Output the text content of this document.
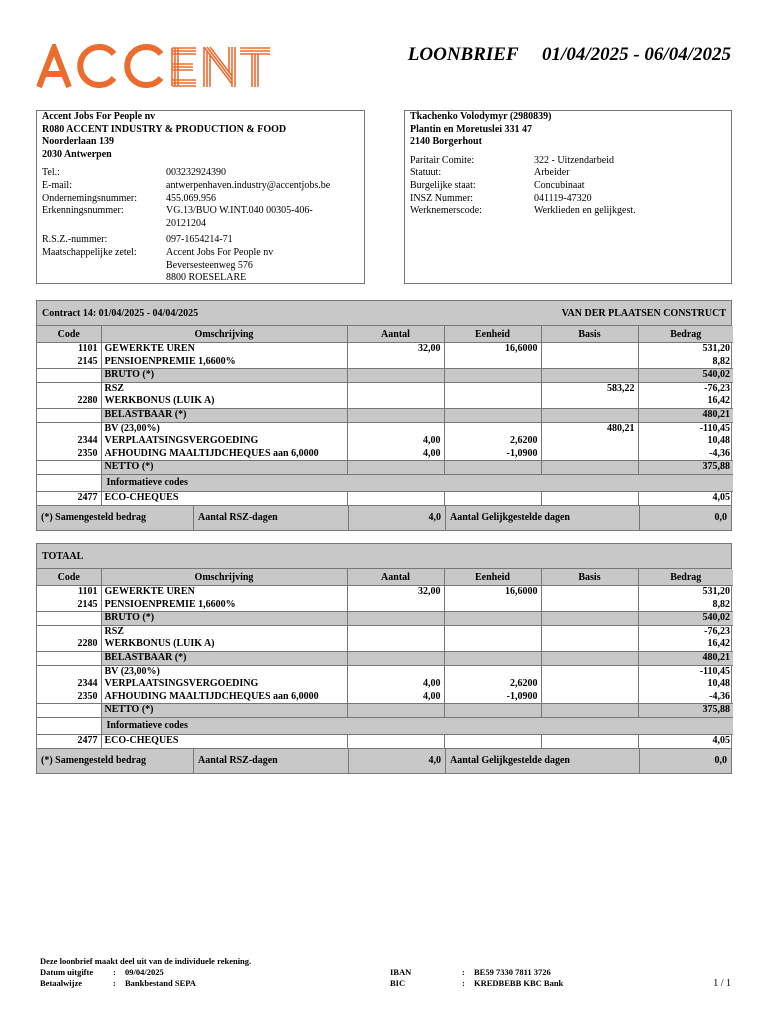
LOONBRIEF 01/04/2025 - 06/04/2025
Accent Jobs For People nv
R080 ACCENT INDUSTRY & PRODUCTION & FOOD
Noorderlaan 139
2030 Antwerpen
Tel.:	003232924390
E-mail:	antwerpenhaven.industry@accentjobs.be
Ondernemingsnummer:	455.069.956
Erkenningsnummer:	VG.13/BUO W.INT.040 00305-406-
20121204
R.S.Z.-nummer:	097-1654214-71
Maatschappelijke zetel:	Accent Jobs For People nv
Beversesteenweg 576
8800 ROESELARE
Tkachenko Volodymyr (2980839)
Plantin en Moretuslei 331 47
2140 Borgerhout
Paritair Comite:	322 - Uitzendarbeid
Statuut:	Arbeider
Burgelijke staat:	Concubinaat
INSZ Nummer:	041119-47320
Werknemerscode:	Werklieden en gelijkgest.
Contract 14: 01/04/2025 - 04/04/2025	VAN DER PLAATSEN CONSTRUCT
Code	Omschrijving	Aantal	Eenheid	Basis	Bedrag
1101	GEWERKTE UREN	32,00	16,6000		531,20
2145	PENSIOENPREMIE 1,6600%				8,82
	BRUTO (*)				540,02
	RSZ			583,22	-76,23
2280	WERKBONUS (LUIK A)				16,42
	BELASTBAAR (*)				480,21
	BV (23,00%)			480,21	-110,45
2344	VERPLAATSINGSVERGOEDING	4,00	2,6200		10,48
2350	AFHOUDING MAALTIJDCHEQUES aan 6,0000	4,00	-1,0900		-4,36
	NETTO (*)				375,88
	Informatieve codes				
2477	ECO-CHEQUES				4,05
(*) Samengesteld bedrag	Aantal RSZ-dagen	4,0 Aantal Gelijkgestelde dagen	0,0
TOTAAL
Code	Omschrijving	Aantal	Eenheid	Basis	Bedrag
1101	GEWERKTE UREN	32,00	16,6000		531,20
2145	PENSIOENPREMIE 1,6600%				8,82
	BRUTO (*)				540,02
	RSZ				-76,23
2280	WERKBONUS (LUIK A)				16,42
	BELASTBAAR (*)				480,21
	BV (23,00%)				-110,45
2344	VERPLAATSINGSVERGOEDING	4,00	2,6200		10,48
2350	AFHOUDING MAALTIJDCHEQUES aan 6,0000	4,00	-1,0900		-4,36
	NETTO (*)				375,88
	Informatieve codes				
2477	ECO-CHEQUES				4,05
(*) Samengesteld bedrag	Aantal RSZ-dagen	4,0 Aantal Gelijkgestelde dagen	0,0
Deze loonbrief maakt deel uit van de individuele rekening.
Datum uitgifte	:	09/04/2025	IBAN	:	BE59 7330 7811 3726
Betaalwijze	:	Bankbestand SEPA	BIC	:	KREDBEBB KBC Bank	1 / 1
